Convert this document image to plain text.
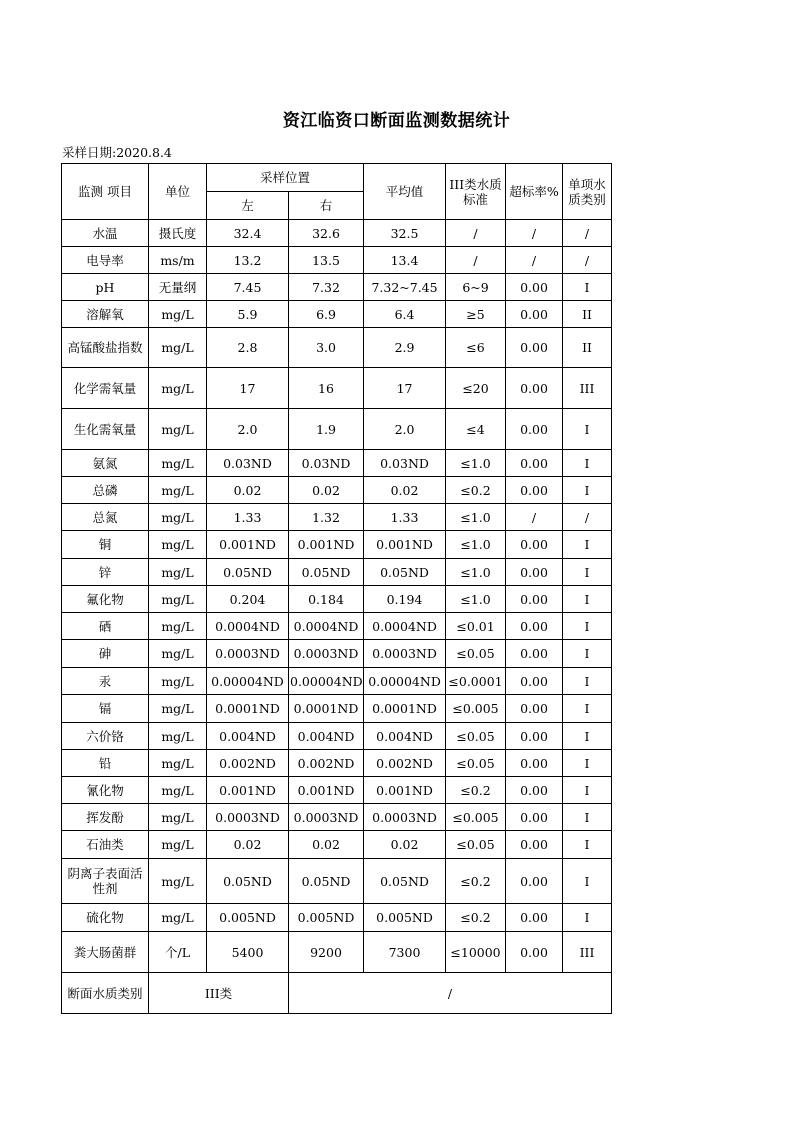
资江临资口断面监测数据统计
采样日期:2020.8.4
监测 项目	单位	采样位置		平均值	III类水质标准	超标率%	单项水质类别
		左	右				
水温	摄氏度	32.4	32.6	32.5	/	/	/
电导率	ms/m	13.2	13.5	13.4	/	/	/
pH	无量纲	7.45	7.32	7.32~7.45	6~9	0.00	I
溶解氧	mg/L	5.9	6.9	6.4	≥5	0.00	II
高锰酸盐指数	mg/L	2.8	3.0	2.9	≤6	0.00	II
化学需氧量	mg/L	17	16	17	≤20	0.00	III
生化需氧量	mg/L	2.0	1.9	2.0	≤4	0.00	I
氨氮	mg/L	0.03ND	0.03ND	0.03ND	≤1.0	0.00	I
总磷	mg/L	0.02	0.02	0.02	≤0.2	0.00	I
总氮	mg/L	1.33	1.32	1.33	≤1.0	/	/
铜	mg/L	0.001ND	0.001ND	0.001ND	≤1.0	0.00	I
锌	mg/L	0.05ND	0.05ND	0.05ND	≤1.0	0.00	I
氟化物	mg/L	0.204	0.184	0.194	≤1.0	0.00	I
硒	mg/L	0.0004ND	0.0004ND	0.0004ND	≤0.01	0.00	I
砷	mg/L	0.0003ND	0.0003ND	0.0003ND	≤0.05	0.00	I
汞	mg/L	0.00004ND	0.00004ND	0.00004ND	≤0.0001	0.00	I
镉	mg/L	0.0001ND	0.0001ND	0.0001ND	≤0.005	0.00	I
六价铬	mg/L	0.004ND	0.004ND	0.004ND	≤0.05	0.00	I
铅	mg/L	0.002ND	0.002ND	0.002ND	≤0.05	0.00	I
氰化物	mg/L	0.001ND	0.001ND	0.001ND	≤0.2	0.00	I
挥发酚	mg/L	0.0003ND	0.0003ND	0.0003ND	≤0.005	0.00	I
石油类	mg/L	0.02	0.02	0.02	≤0.05	0.00	I
阴离子表面活性剂	mg/L	0.05ND	0.05ND	0.05ND	≤0.2	0.00	I
硫化物	mg/L	0.005ND	0.005ND	0.005ND	≤0.2	0.00	I
粪大肠菌群	个/L	5400	9200	7300	≤10000	0.00	III
断面水质类别	III类		/				
